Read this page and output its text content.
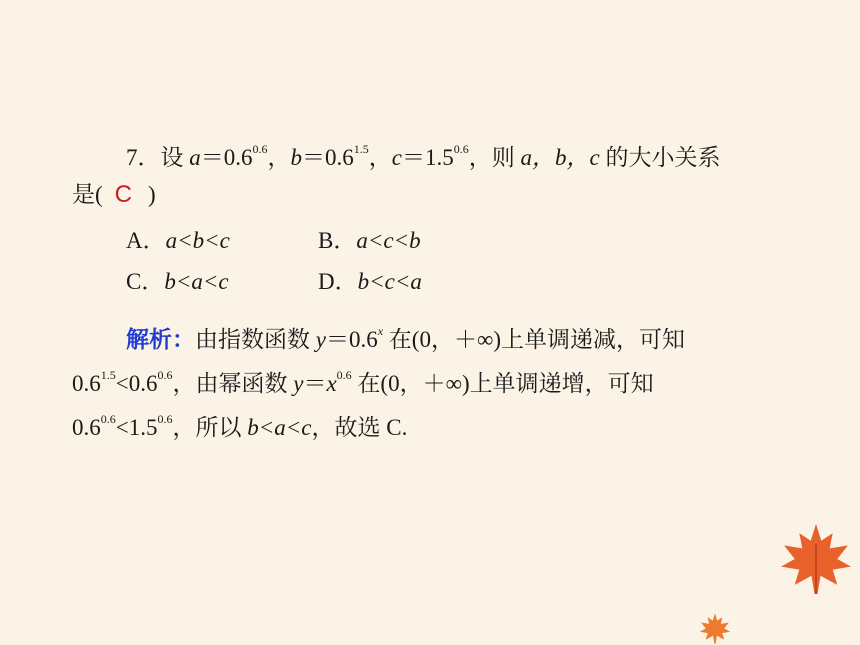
7．设 $a=0.6^{0.6}$，$b=0.6^{1.5}$，$c=1.5^{0.6}$，则 a，b，c 的大小关系
是( C )
A．a<b<c	B．a<c<b
C．b<a<c	D．b<c<a
解析：由指数函数 $y=0.6^x$ 在(0，＋∞)上单调递减，可知
$0.6^{1.5}<0.6^{0.6}$，由幂函数 $y=x^{0.6}$ 在(0，＋∞)上单调递增，可知
$0.6^{0.6}<1.5^{0.6}$，所以 b<a<c，故选 C.
